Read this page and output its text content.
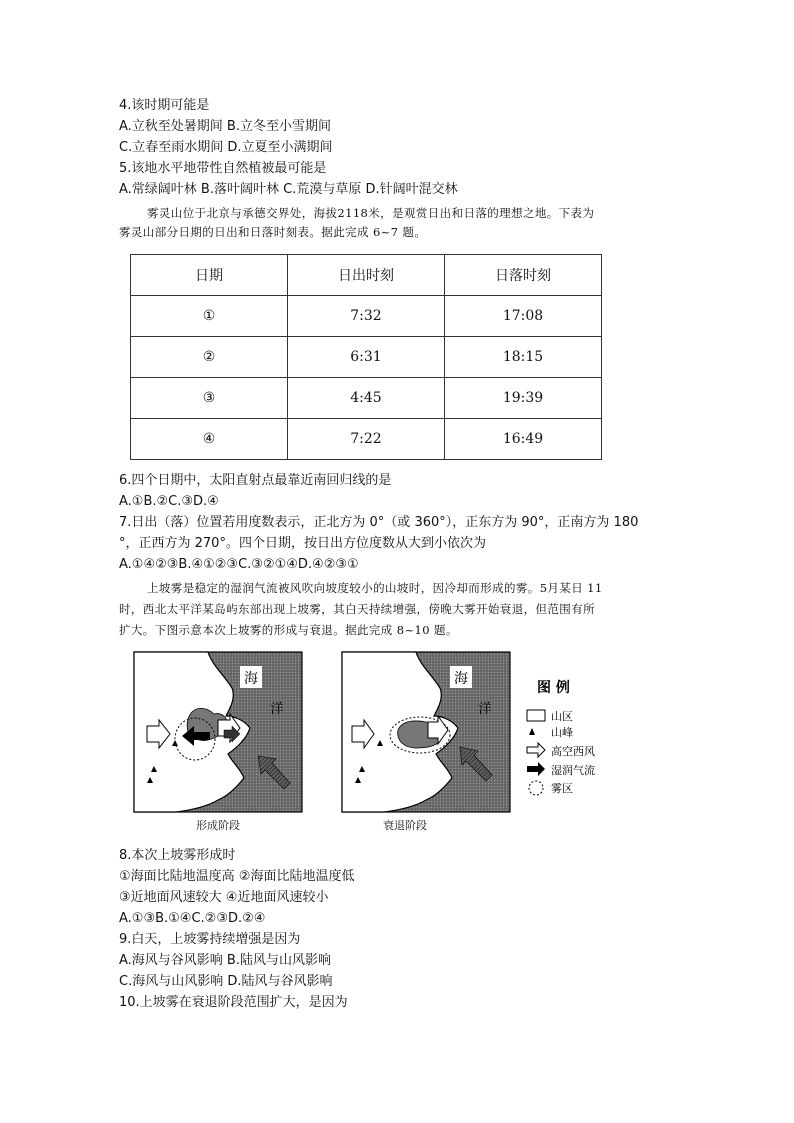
4.该时期可能是
A.立秋至处暑期间 B.立冬至小雪期间
C.立春至雨水期间 D.立夏至小满期间
5.该地水平地带性自然植被最可能是
A.常绿阔叶林 B.落叶阔叶林 C.荒漠与草原 D.针阔叶混交林
雾灵山位于北京与承德交界处，海拔2118米，是观赏日出和日落的理想之地。下表为
雾灵山部分日期的日出和日落时刻表。据此完成 6~7 题。
日期	日出时刻	日落时刻
①	7:32	17:08
②	6:31	18:15
③	4:45	19:39
④	7:22	16:49
6.四个日期中，太阳直射点最靠近南回归线的是
A.①B.②C.③D.④
7.日出（落）位置若用度数表示，正北方为 0°（或 360°），正东方为 90°，正南方为 180
°，正西方为 270°。四个日期，按日出方位度数从大到小依次为
A.①④②③B.④①②③C.③②①④D.④②③①
上坡雾是稳定的湿润气流被风吹向坡度较小的山坡时，因冷却而形成的雾。5月某日 11
时，西北太平洋某岛屿东部出现上坡雾，其白天持续增强，傍晚大雾开始衰退，但范围有所
扩大。下图示意本次上坡雾的形成与衰退。据此完成 8~10 题。
海
洋
海
洋
图 例
山区
山峰
高空西风
湿润气流
雾区
形成阶段	衰退阶段
8.本次上坡雾形成时
①海面比陆地温度高 ②海面比陆地温度低
③近地面风速较大 ④近地面风速较小
A.①③B.①④C.②③D.②④
9.白天，上坡雾持续增强是因为
A.海风与谷风影响 B.陆风与山风影响
C.海风与山风影响 D.陆风与谷风影响
10.上坡雾在衰退阶段范围扩大，是因为
